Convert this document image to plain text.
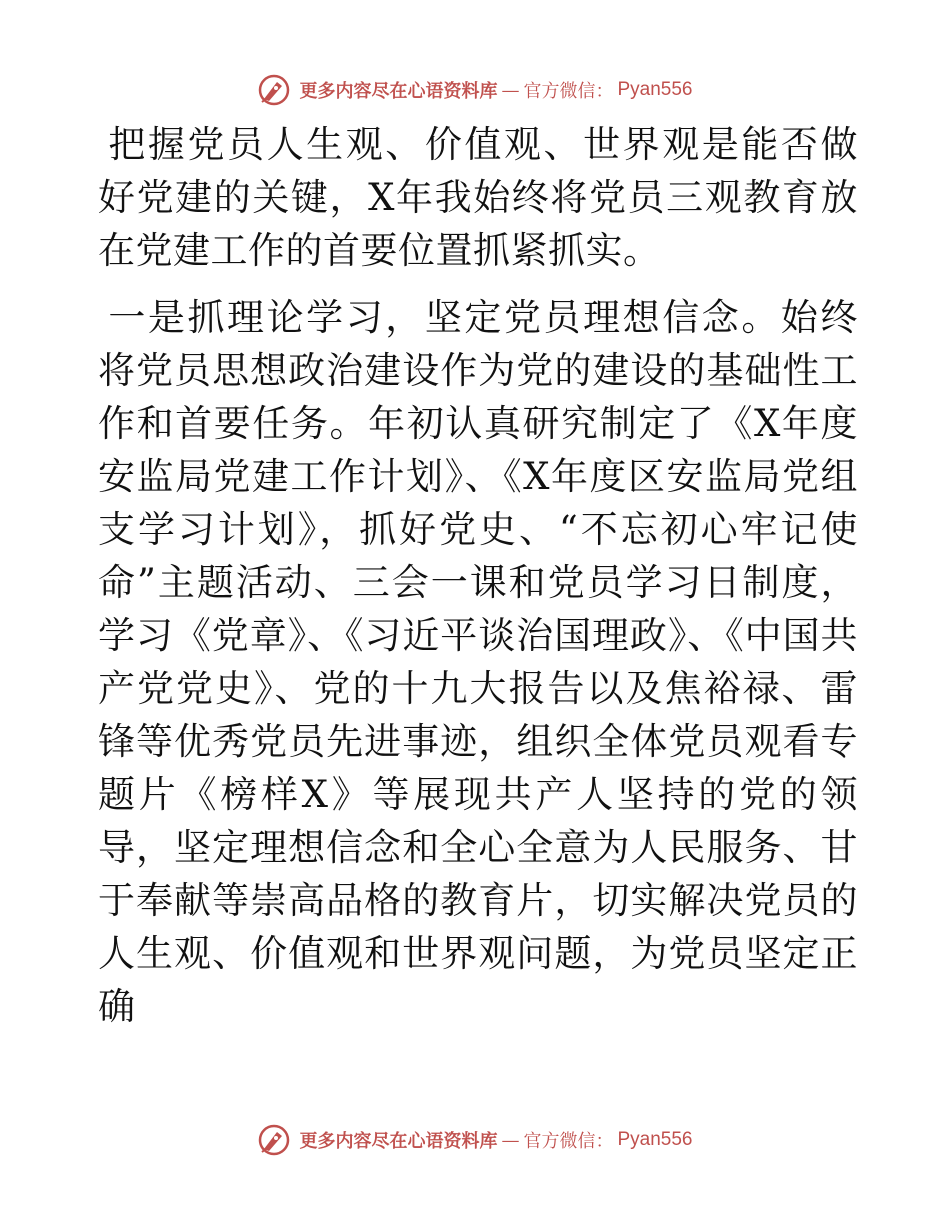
更多内容尽在心语资料库 — 官方微信： Pyan556

把握党员人生观、价值观、世界观是能否做好党建的关键，X年我始终将党员三观教育放在党建工作的首要位置抓紧抓实。

一是抓理论学习，坚定党员理想信念。始终将党员思想政治建设作为党的建设的基础性工作和首要任务。年初认真研究制定了《X年度安监局党建工作计划》、《X年度区安监局党组支学习计划》，抓好党史、“不忘初心牢记使命”主题活动、三会一课和党员学习日制度，学习《党章》、《习近平谈治国理政》、《中国共产党党史》、党的十九大报告以及焦裕禄、雷锋等优秀党员先进事迹，组织全体党员观看专题片《榜样X》等展现共产人坚持的党的领导，坚定理想信念和全心全意为人民服务、甘于奉献等崇高品格的教育片，切实解决党员的人生观、价值观和世界观问题，为党员坚定正确

更多内容尽在心语资料库 — 官方微信： Pyan556
